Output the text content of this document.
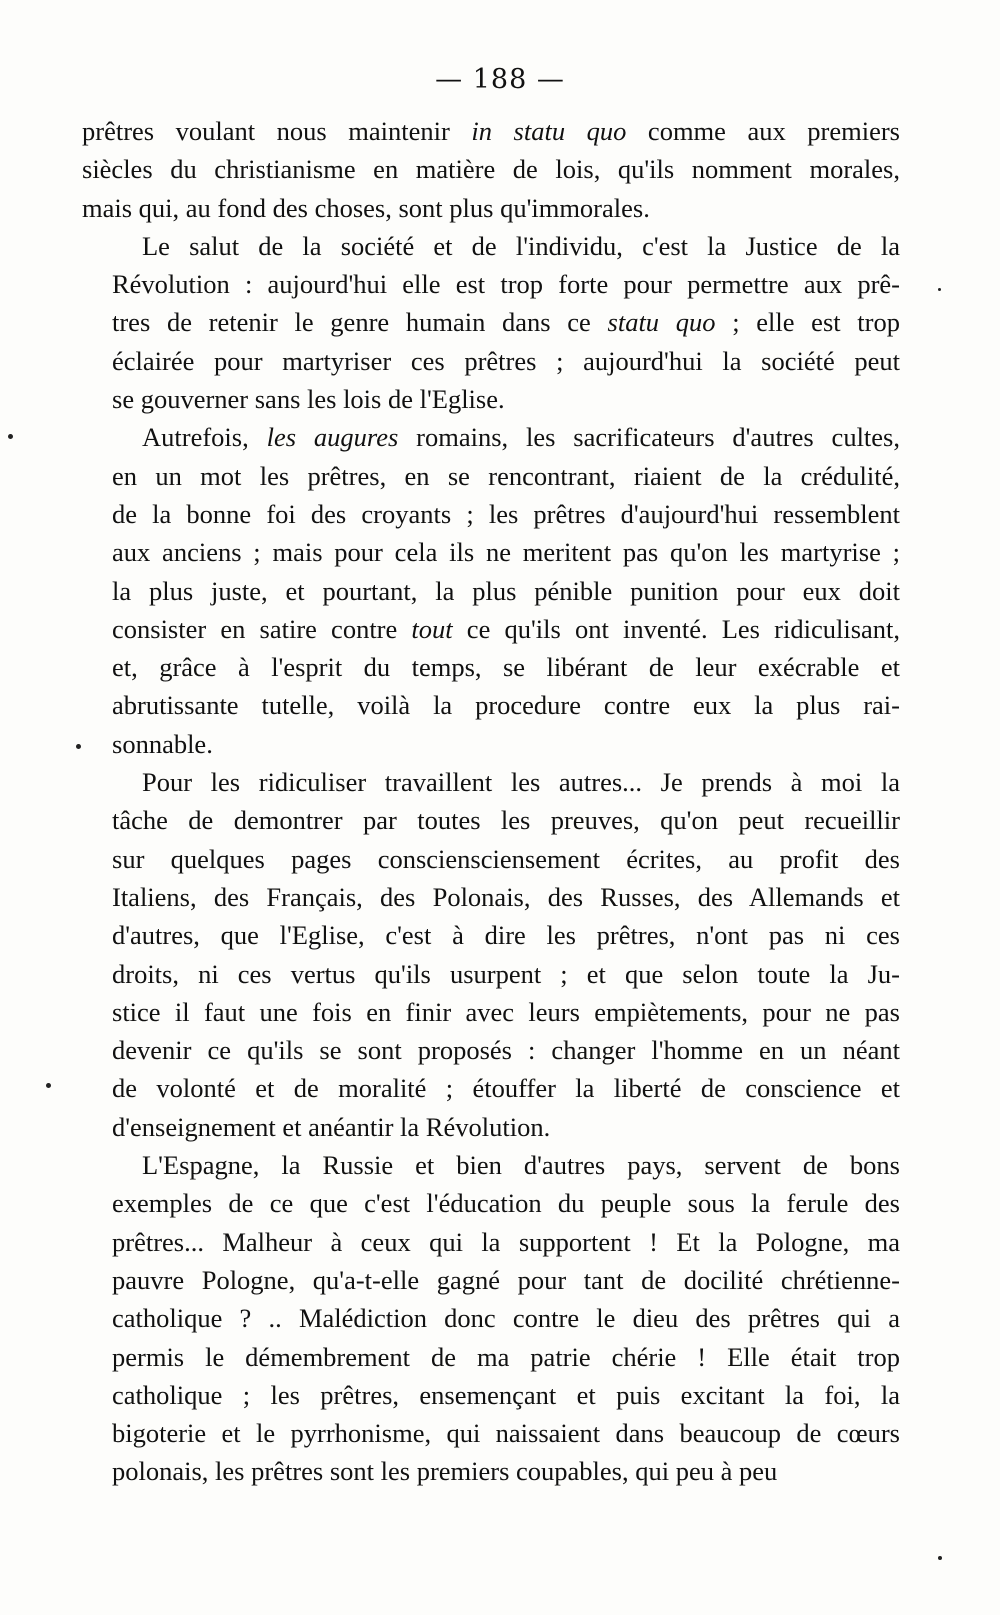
— 188 —
prêtres voulant nous maintenir in statu quo comme aux premiers
siècles du christianisme en matière de lois, qu'ils nomment morales,
mais qui, au fond des choses, sont plus qu'immorales.
Le salut de la société et de l'individu, c'est la Justice de la
Révolution : aujourd'hui elle est trop forte pour permettre aux prê-
tres de retenir le genre humain dans ce statu quo ; elle est trop
éclairée pour martyriser ces prêtres ; aujourd'hui la société peut
se gouverner sans les lois de l'Eglise.
Autrefois, les augures romains, les sacrificateurs d'autres cultes,
en un mot les prêtres, en se rencontrant, riaient de la crédulité,
de la bonne foi des croyants ; les prêtres d'aujourd'hui ressemblent
aux anciens ; mais pour cela ils ne meritent pas qu'on les martyrise ;
la plus juste, et pourtant, la plus pénible punition pour eux doit
consister en satire contre tout ce qu'ils ont inventé. Les ridiculisant,
et, grâce à l'esprit du temps, se libérant de leur exécrable et
abrutissante tutelle, voilà la procedure contre eux la plus rai-
sonnable.
Pour les ridiculiser travaillent les autres... Je prends à moi la
tâche de demontrer par toutes les preuves, qu'on peut recueillir
sur quelques pages consciensciensement écrites, au profit des
Italiens, des Français, des Polonais, des Russes, des Allemands et
d'autres, que l'Eglise, c'est à dire les prêtres, n'ont pas ni ces
droits, ni ces vertus qu'ils usurpent ; et que selon toute la Ju-
stice il faut une fois en finir avec leurs empiètements, pour ne pas
devenir ce qu'ils se sont proposés : changer l'homme en un néant
de volonté et de moralité ; étouffer la liberté de conscience et
d'enseignement et anéantir la Révolution.
L'Espagne, la Russie et bien d'autres pays, servent de bons
exemples de ce que c'est l'éducation du peuple sous la ferule des
prêtres... Malheur à ceux qui la supportent ! Et la Pologne, ma
pauvre Pologne, qu'a-t-elle gagné pour tant de docilité chrétienne-
catholique ? .. Malédiction donc contre le dieu des prêtres qui a
permis le démembrement de ma patrie chérie ! Elle était trop
catholique ; les prêtres, ensemençant et puis excitant la foi, la
bigoterie et le pyrrhonisme, qui naissaient dans beaucoup de cœurs
polonais, les prêtres sont les premiers coupables, qui peu à peu
